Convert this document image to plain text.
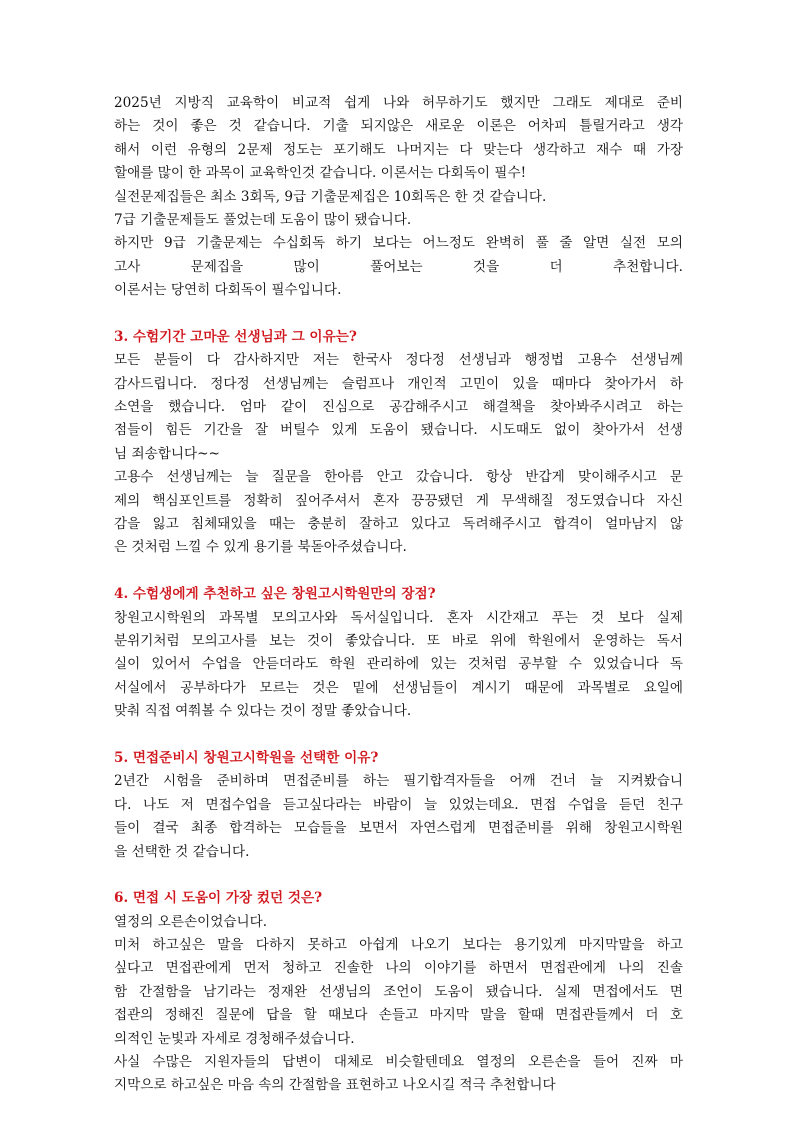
2025년 지방직 교육학이 비교적 쉽게 나와 허무하기도 했지만 그래도 제대로 준비
하는 것이 좋은 것 같습니다. 기출 되지않은 새로운 이론은 어차피 틀릴거라고 생각
해서 이런 유형의 2문제 정도는 포기해도 나머지는 다 맞는다 생각하고 재수 때 가장
할애를 많이 한 과목이 교육학인것 같습니다. 이론서는 다회독이 필수!
실전문제집들은 최소 3회독, 9급 기출문제집은 10회독은 한 것 같습니다.
7급 기출문제들도 풀었는데 도움이 많이 됐습니다.
하지만 9급 기출문제는 수십회독 하기 보다는 어느정도 완벽히 풀 줄 알면 실전 모의
고사 문제집을 많이 풀어보는 것을 더 추천합니다.
이론서는 당연히 다회독이 필수입니다.
3. 수험기간 고마운 선생님과 그 이유는?
모든 분들이 다 감사하지만 저는 한국사 정다정 선생님과 행정법 고용수 선생님께
감사드립니다. 정다정 선생님께는 슬럼프나 개인적 고민이 있을 때마다 찾아가서 하
소연을 했습니다. 엄마 같이 진심으로 공감해주시고 해결책을 찾아봐주시려고 하는
점들이 힘든 기간을 잘 버틸수 있게 도움이 됐습니다. 시도때도 없이 찾아가서 선생
님 죄송합니다~~
고용수 선생님께는 늘 질문을 한아름 안고 갔습니다. 항상 반갑게 맞이해주시고 문
제의 핵심포인트를 정확히 짚어주셔서 혼자 끙끙됐던 게 무색해질 정도였습니다 자신
감을 잃고 침체돼있을 때는 충분히 잘하고 있다고 독려해주시고 합격이 얼마남지 않
은 것처럼 느낄 수 있게 용기를 북돋아주셨습니다.
4. 수험생에게 추천하고 싶은 창원고시학원만의 장점?
창원고시학원의 과목별 모의고사와 독서실입니다. 혼자 시간재고 푸는 것 보다 실제
분위기처럼 모의고사를 보는 것이 좋았습니다. 또 바로 위에 학원에서 운영하는 독서
실이 있어서 수업을 안듣더라도 학원 관리하에 있는 것처럼 공부할 수 있었습니다 독
서실에서 공부하다가 모르는 것은 밑에 선생님들이 계시기 때문에 과목별로 요일에
맞춰 직접 여쭤볼 수 있다는 것이 정말 좋았습니다.
5. 면접준비시 창원고시학원을 선택한 이유?
2년간 시험을 준비하며 면접준비를 하는 필기합격자들을 어깨 건너 늘 지켜봤습니
다. 나도 저 면접수업을 듣고싶다라는 바람이 늘 있었는데요. 면접 수업을 듣던 친구
들이 결국 최종 합격하는 모습들을 보면서 자연스럽게 면접준비를 위해 창원고시학원
을 선택한 것 같습니다.
6. 면접 시 도움이 가장 컸던 것은?
열정의 오른손이었습니다.
미처 하고싶은 말을 다하지 못하고 아쉽게 나오기 보다는 용기있게 마지막말을 하고
싶다고 면접관에게 먼저 청하고 진솔한 나의 이야기를 하면서 면접관에게 나의 진솔
함 간절함을 남기라는 정재완 선생님의 조언이 도움이 됐습니다. 실제 면접에서도 면
접관의 정해진 질문에 답을 할 때보다 손들고 마지막 말을 할때 면접관들께서 더 호
의적인 눈빛과 자세로 경청해주셨습니다.
사실 수많은 지원자들의 답변이 대체로 비슷할텐데요 열정의 오른손을 들어 진짜 마
지막으로 하고싶은 마음 속의 간절함을 표현하고 나오시길 적극 추천합니다
